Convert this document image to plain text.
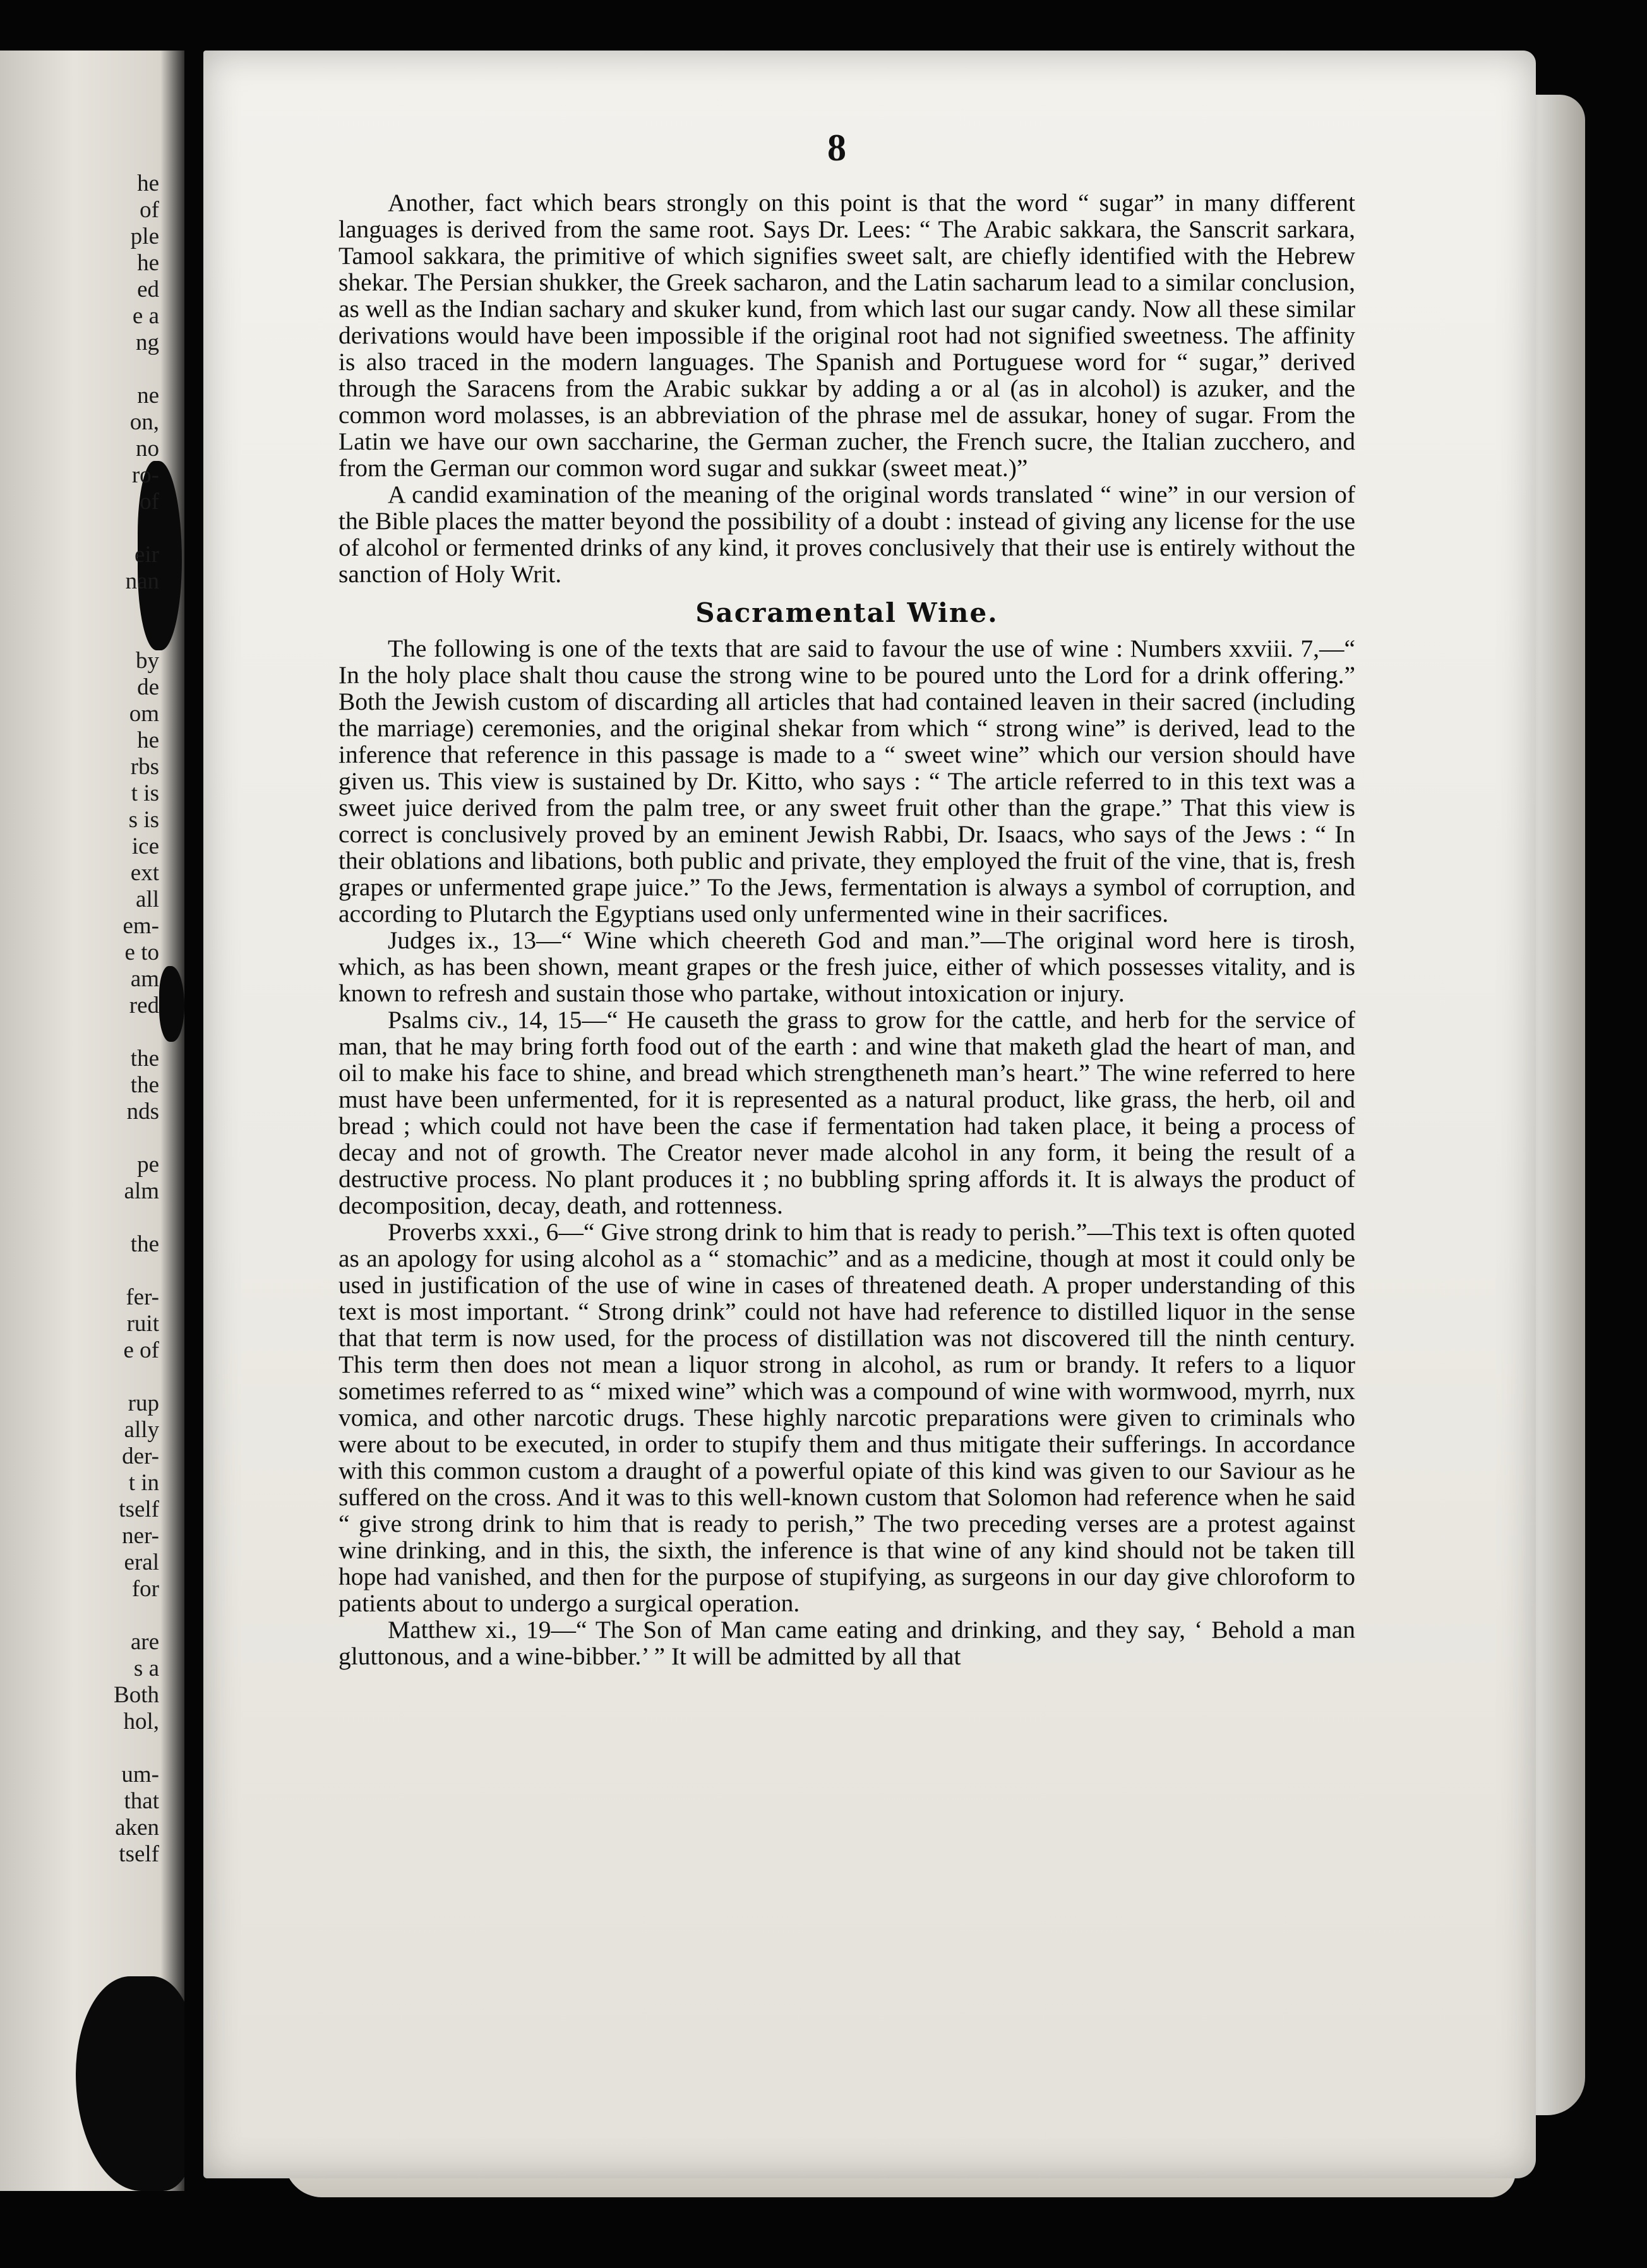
he
of
ple
he
ed
e a
ng

ne
on,
no
ro-
of

eir
nan

by
de
om
he
rbs
t is
s is
ice
ext
all
em-
e to
am
red

the
the
nds

pe
alm

the

fer-
ruit
e of

rup
ally
der-
t in
tself
ner-
eral
for

are
s a
Both
hol,

um-
that
aken
tself
8

Another, fact which bears strongly on this point is that the word “ sugar” in many different languages is derived from the same root. Says Dr. Lees: “ The Arabic sakkara, the Sanscrit sarkara, Tamool sakkara, the primitive of which signifies sweet salt, are chiefly identified with the Hebrew shekar. The Persian shukker, the Greek sacharon, and the Latin sacharum lead to a similar conclusion, as well as the Indian sachary and skuker kund, from which last our sugar candy. Now all these similar derivations would have been impossible if the original root had not signified sweetness. The affinity is also traced in the modern languages. The Spanish and Portuguese word for “ sugar,” derived through the Saracens from the Arabic sukkar by adding a or al (as in alcohol) is azuker, and the common word molasses, is an abbreviation of the phrase mel de assukar, honey of sugar. From the Latin we have our own saccharine, the German zucher, the French sucre, the Italian zucchero, and from the German our common word sugar and sukkar (sweet meat.)”

A candid examination of the meaning of the original words translated “ wine” in our version of the Bible places the matter beyond the possibility of a doubt : instead of giving any license for the use of alcohol or fermented drinks of any kind, it proves conclusively that their use is entirely without the sanction of Holy Writ.

Sacramental Wine.

The following is one of the texts that are said to favour the use of wine : Numbers xxviii. 7,—“ In the holy place shalt thou cause the strong wine to be poured unto the Lord for a drink offering.” Both the Jewish custom of discarding all articles that had contained leaven in their sacred (including the marriage) ceremonies, and the original shekar from which “ strong wine” is derived, lead to the inference that reference in this passage is made to a “ sweet wine” which our version should have given us. This view is sustained by Dr. Kitto, who says : “ The article referred to in this text was a sweet juice derived from the palm tree, or any sweet fruit other than the grape.” That this view is correct is conclusively proved by an eminent Jewish Rabbi, Dr. Isaacs, who says of the Jews : “ In their oblations and libations, both public and private, they employed the fruit of the vine, that is, fresh grapes or unfermented grape juice.” To the Jews, fermentation is always a symbol of corruption, and according to Plutarch the Egyptians used only unfermented wine in their sacrifices.

Judges ix., 13—“ Wine which cheereth God and man.”—The original word here is tirosh, which, as has been shown, meant grapes or the fresh juice, either of which possesses vitality, and is known to refresh and sustain those who partake, without intoxication or injury.

Psalms civ., 14, 15—“ He causeth the grass to grow for the cattle, and herb for the service of man, that he may bring forth food out of the earth : and wine that maketh glad the heart of man, and oil to make his face to shine, and bread which strengtheneth man’s heart.” The wine referred to here must have been unfermented, for it is represented as a natural product, like grass, the herb, oil and bread ; which could not have been the case if fermentation had taken place, it being a process of decay and not of growth. The Creator never made alcohol in any form, it being the result of a destructive process. No plant produces it ; no bubbling spring affords it. It is always the product of decomposition, decay, death, and rottenness.

Proverbs xxxi., 6—“ Give strong drink to him that is ready to perish.”—This text is often quoted as an apology for using alcohol as a “ stomachic” and as a medicine, though at most it could only be used in justification of the use of wine in cases of threatened death. A proper understanding of this text is most important. “ Strong drink” could not have had reference to distilled liquor in the sense that that term is now used, for the process of distillation was not discovered till the ninth century. This term then does not mean a liquor strong in alcohol, as rum or brandy. It refers to a liquor sometimes referred to as “ mixed wine” which was a compound of wine with wormwood, myrrh, nux vomica, and other narcotic drugs. These highly narcotic preparations were given to criminals who were about to be executed, in order to stupify them and thus mitigate their sufferings. In accordance with this common custom a draught of a powerful opiate of this kind was given to our Saviour as he suffered on the cross. And it was to this well-known custom that Solomon had reference when he said “ give strong drink to him that is ready to perish,” The two preceding verses are a protest against wine drinking, and in this, the sixth, the inference is that wine of any kind should not be taken till hope had vanished, and then for the purpose of stupifying, as surgeons in our day give chloroform to patients about to undergo a surgical operation.

Matthew xi., 19—“ The Son of Man came eating and drinking, and they say, ‘ Behold a man gluttonous, and a wine-bibber.’ ” It will be admitted by all that
